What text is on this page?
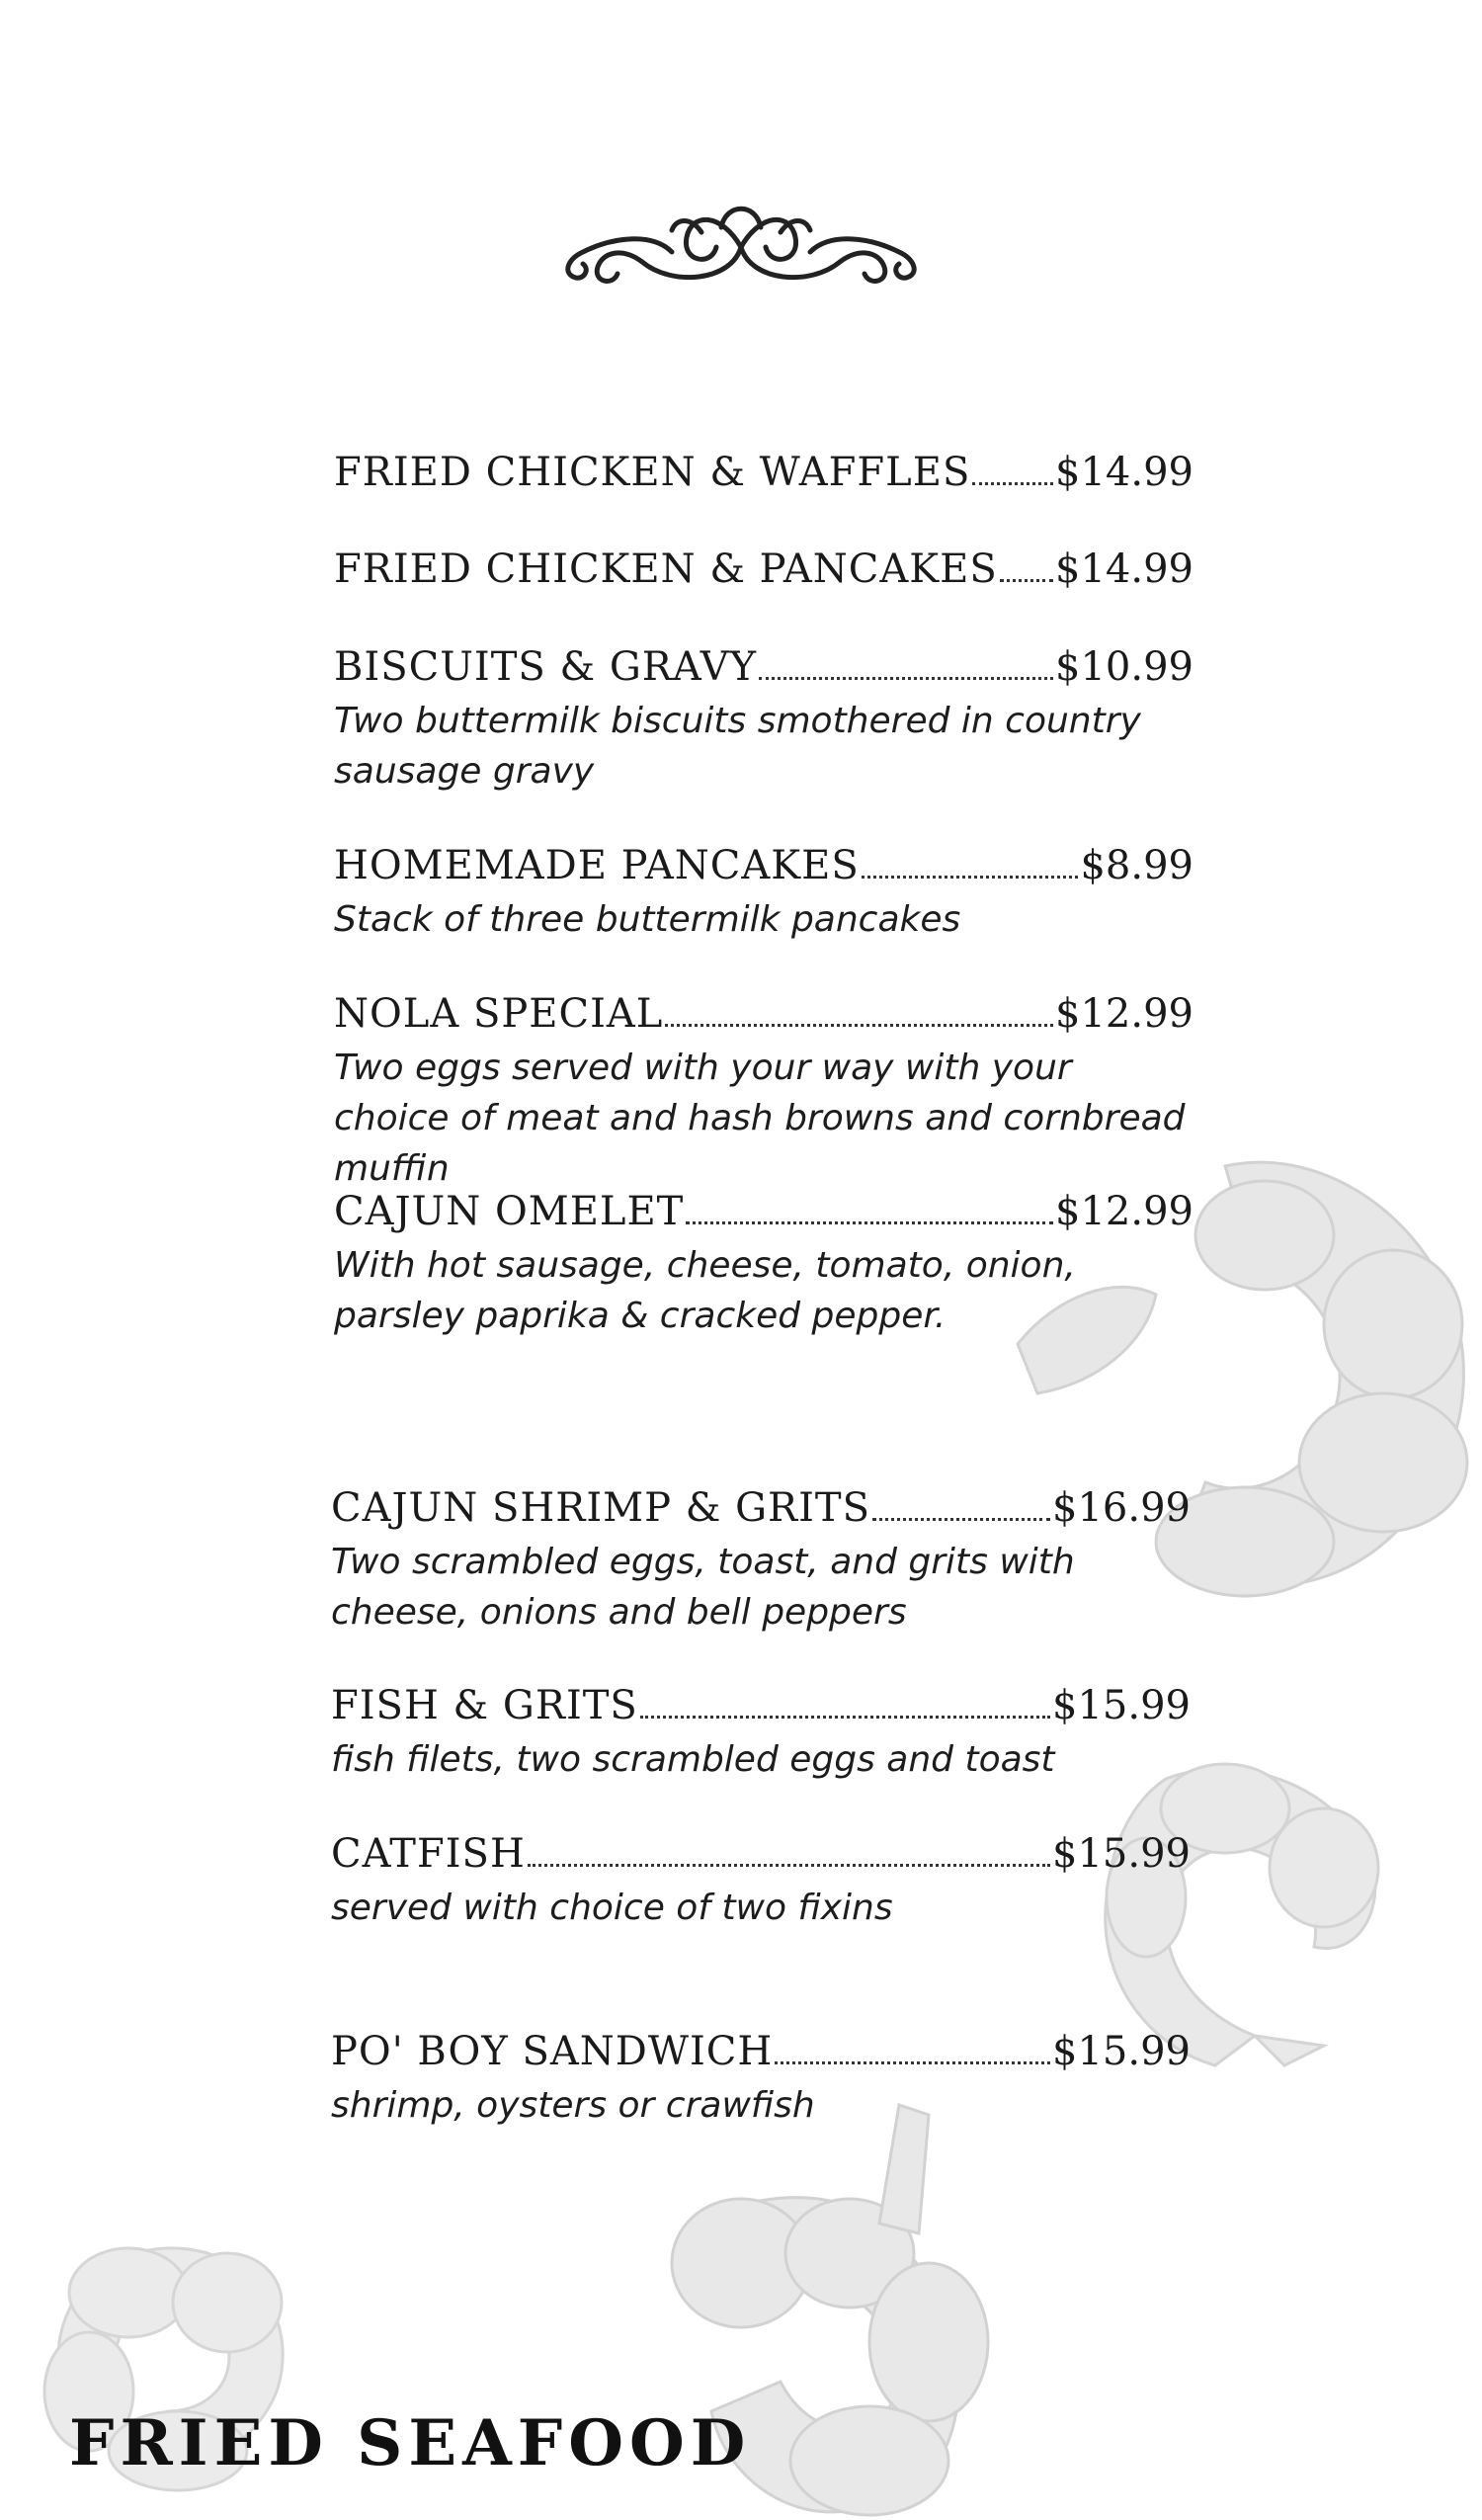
FRIED CHICKEN & WAFFLES $14.99
FRIED CHICKEN & PANCAKES $14.99
BISCUITS & GRAVY	$10.99
Two buttermilk biscuits smothered in country sausage gravy
HOMEMADE PANCAKES	$8.99
Stack of three buttermilk pancakes
NOLA SPECIAL	$12.99
Two eggs served with your way with your choice of meat and hash browns and cornbread muffin
CAJUN OMELET	$12.99
With hot sausage, cheese, tomato, onion, parsley paprika & cracked pepper.
CAJUN SHRIMP & GRITS	$16.99
Two scrambled eggs, toast, and grits with cheese, onions and bell peppers
FISH & GRITS	$15.99
fish filets, two scrambled eggs and toast
CATFISH	$15.99
served with choice of two fixins
PO' BOY SANDWICH	$15.99
shrimp, oysters or crawfish
FRIED SEAFOOD
